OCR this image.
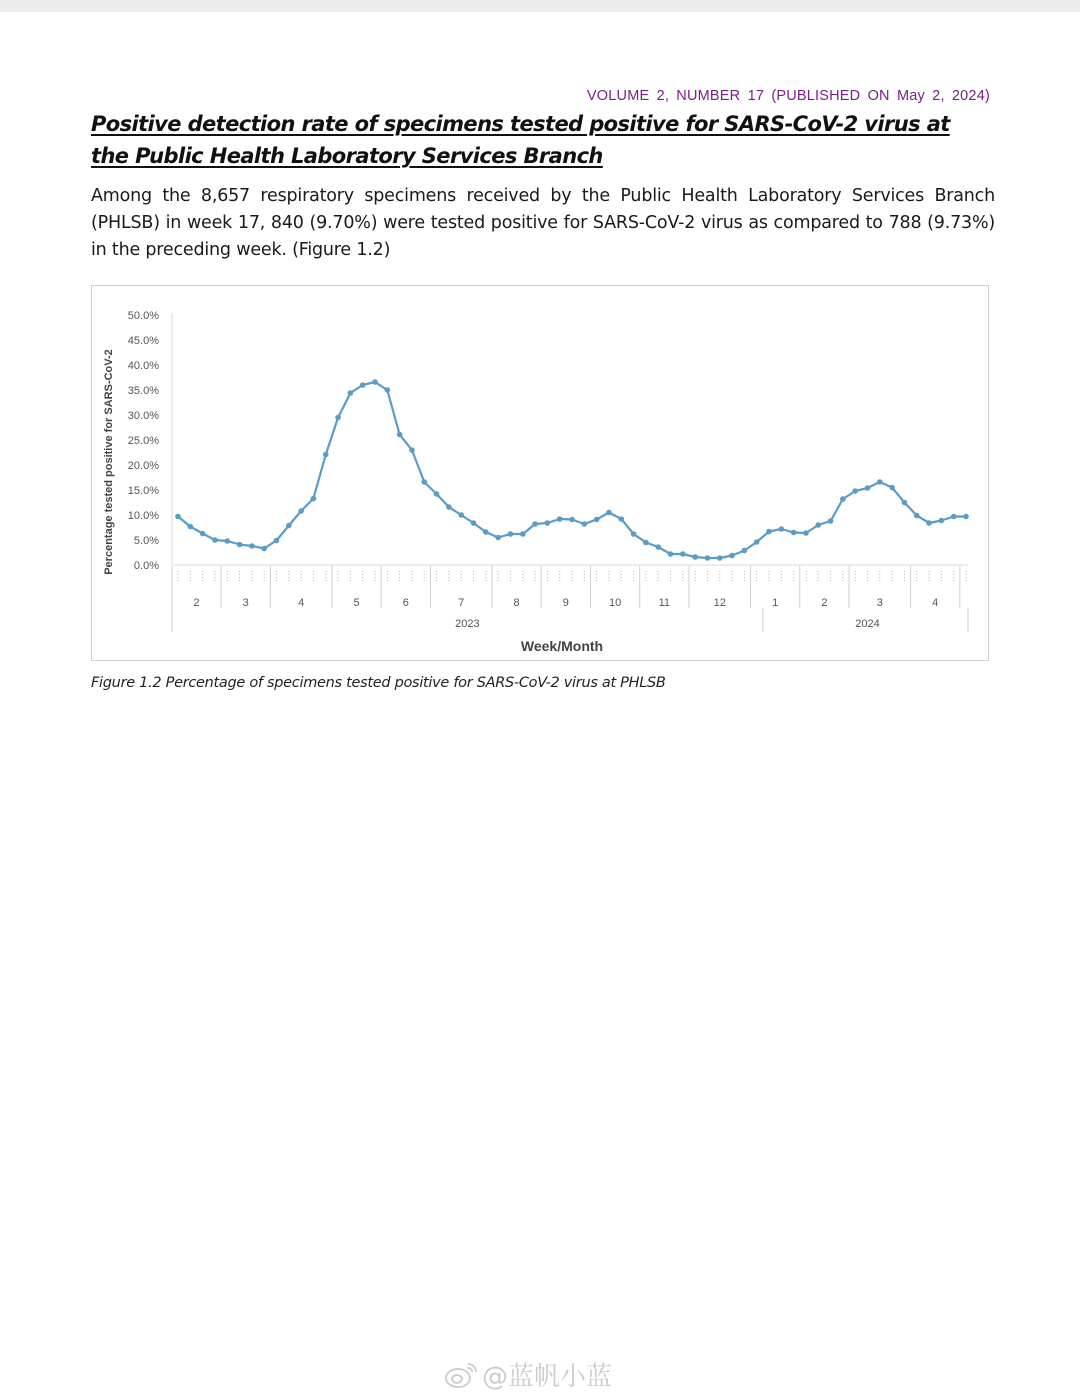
VOLUME 2, NUMBER 17 (PUBLISHED ON May 2, 2024)
Positive detection rate of specimens tested positive for SARS-CoV-2 virus at the Public Health Laboratory Services Branch
Among the 8,657 respiratory specimens received by the Public Health Laboratory Services Branch (PHLSB) in week 17, 840 (9.70%) were tested positive for SARS-CoV-2 virus as compared to 788 (9.73%) in the preceding week. (Figure 1.2)
Percentage tested positive for SARS-CoV-2 0.0%
5.0%
10.0%
15.0%
20.0%
25.0%
30.0%
35.0%
40.0%
45.0%
50.0%
2	3	4	5	6	7	8	9	10	11	12	1	2	3	4
2023	2024
Week/Month
Figure 1.2 Percentage of specimens tested positive for SARS-CoV-2 virus at PHLSB
@蓝帆小蓝
